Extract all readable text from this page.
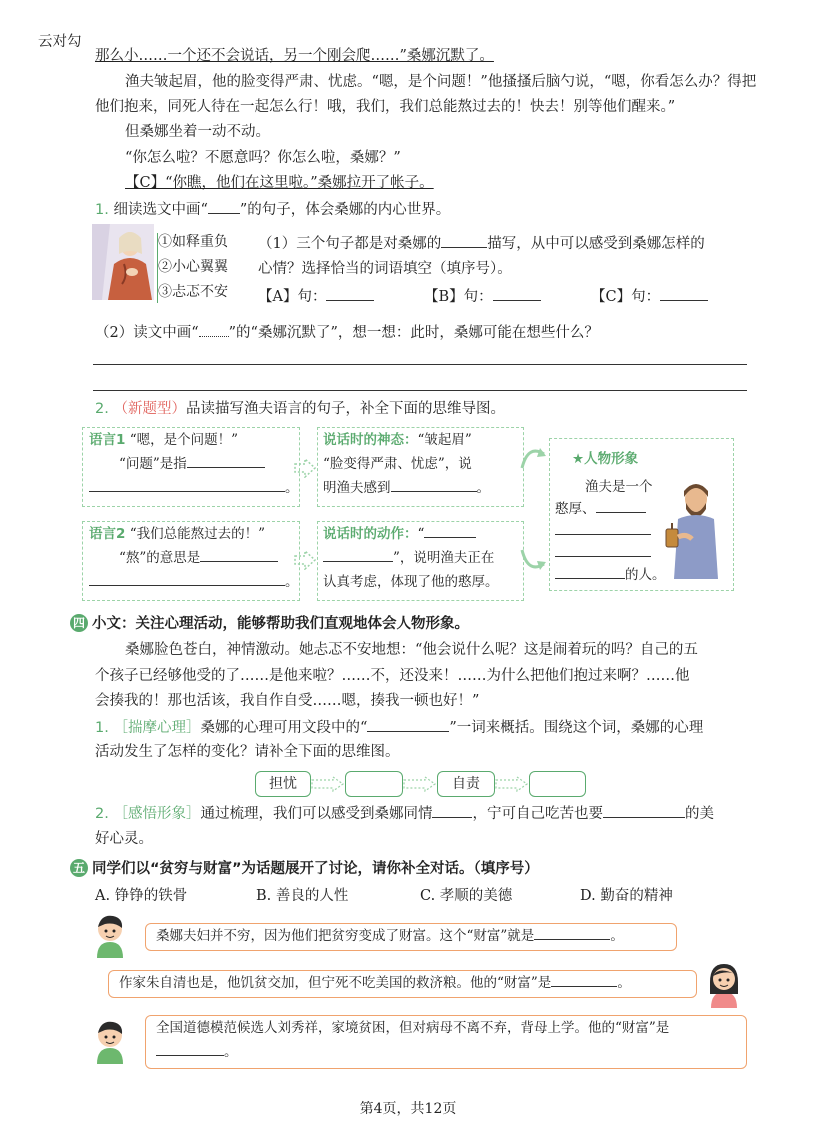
云对勾
那么小……一个还不会说话，另一个刚会爬……”桑娜沉默了。
渔夫皱起眉，他的脸变得严肃、忧虑。“嗯，是个问题！”他搔搔后脑勺说，“嗯，你看怎么办？得把
他们抱来，同死人待在一起怎么行！哦，我们，我们总能熬过去的！快去！别等他们醒来。”
但桑娜坐着一动不动。
“你怎么啦？不愿意吗？你怎么啦，桑娜？”
【C】“你瞧，他们在这里啦。”桑娜拉开了帐子。
1. 细读选文中画“ ”的句子，体会桑娜的内心世界。
①如释重负
②小心翼翼
③忐忑不安
（1）三个句子都是对桑娜的	描写，从中可以感受到桑娜怎样的
心情？选择恰当的词语填空（填序号）。
【A】句：	【B】句：	【C】句：
（2）读文中画“ ”的“桑娜沉默了”，想一想：此时，桑娜可能在想些什么？
2. （新题型）品读描写渔夫语言的句子，补全下面的思维导图。
语言1 “嗯，是个问题！”
“问题”是指
。
语言2 “我们总能熬过去的！”
“熬”的意思是
。
说话时的神态：“皱起眉”
“脸变得严肃、忧虑”，说
明渔夫感到	。
说话时的动作：“
”，说明渔夫正在
认真考虑，体现了他的憨厚。
★人物形象
渔夫是一个
憨厚、
的人。
四 小文：关注心理活动，能够帮助我们直观地体会人物形象。
桑娜脸色苍白，神情激动。她忐忑不安地想：“他会说什么呢？这是闹着玩的吗？自己的五
个孩子已经够他受的了……是他来啦？……不，还没来！……为什么把他们抱过来啊？……他
会揍我的！那也活该，我自作自受……嗯，揍我一顿也好！”
1. ［揣摩心理］桑娜的心理可用文段中的“	”一词来概括。围绕这个词，桑娜的心理
活动发生了怎样的变化？请补全下面的思维图。
担忧	自责
2. ［感悟形象］通过梳理，我们可以感受到桑娜同情	，宁可自己吃苦也要	的美
好心灵。
五 同学们以“贫穷与财富”为话题展开了讨论，请你补全对话。（填序号）
A. 铮铮的铁骨	B. 善良的人性	C. 孝顺的美德	D. 勤奋的精神
桑娜夫妇并不穷，因为他们把贫穷变成了财富。这个“财富”就是	。
作家朱自清也是，他饥贫交加，但宁死不吃美国的救济粮。他的“财富”是	。
全国道德模范候选人刘秀祥，家境贫困，但对病母不离不弃，背母上学。他的“财富”是
。
第4页，共12页
